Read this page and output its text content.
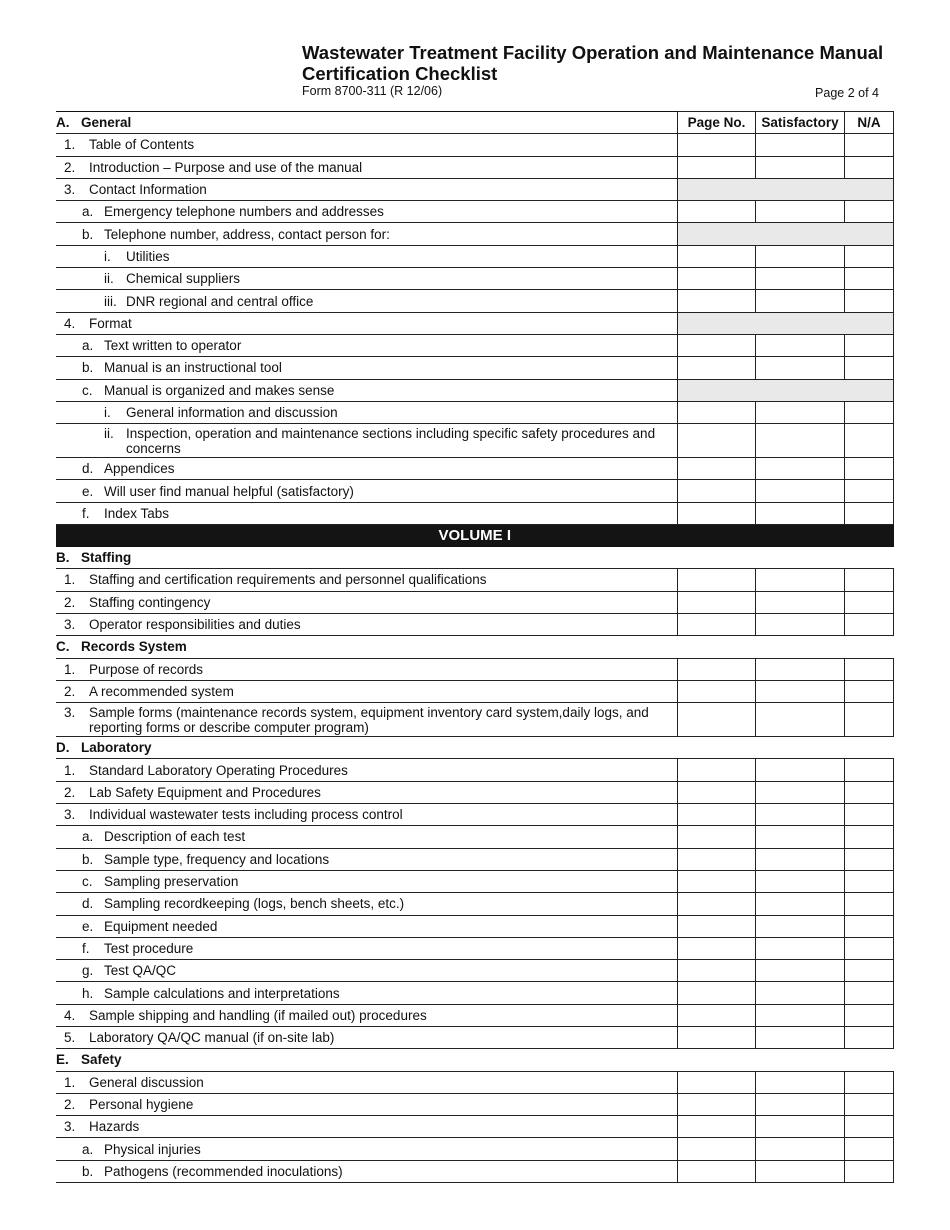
Wastewater Treatment Facility Operation and Maintenance Manual
Certification Checklist
Form 8700-311 (R 12/06)	Page 2 of 4
A. General	Page No.	Satisfactory	N/A

1. Table of Contents			

2. Introduction – Purpose and use of the manual			

3. Contact Information			

a. Emergency telephone numbers and addresses			

b. Telephone number, address, contact person for:			

i. Utilities			

ii. Chemical suppliers			

iii. DNR regional and central office			

4. Format			

a. Text written to operator			

b. Manual is an instructional tool			

c. Manual is organized and makes sense			

i. General information and discussion			

ii. Inspection, operation and maintenance sections including specific safety procedures and concerns			

d. Appendices			

e. Will user find manual helpful (satisfactory)			

f. Index Tabs			

VOLUME I			

B. Staffing			

1. Staffing and certification requirements and personnel qualifications			

2. Staffing contingency			

3. Operator responsibilities and duties			

C. Records System			

1. Purpose of records			

2. A recommended system			

3. Sample forms (maintenance records system, equipment inventory card system,daily logs, and reporting forms or describe computer program)			

D. Laboratory			

1. Standard Laboratory Operating Procedures			

2. Lab Safety Equipment and Procedures			

3. Individual wastewater tests including process control			

a. Description of each test			

b. Sample type, frequency and locations			

c. Sampling preservation			

d. Sampling recordkeeping (logs, bench sheets, etc.)			

e. Equipment needed			

f. Test procedure			

g. Test QA/QC			

h. Sample calculations and interpretations			

4. Sample shipping and handling (if mailed out) procedures			

5. Laboratory QA/QC manual (if on-site lab)			

E. Safety			

1. General discussion			

2. Personal hygiene			

3. Hazards			

a. Physical injuries			

b. Pathogens (recommended inoculations)			
